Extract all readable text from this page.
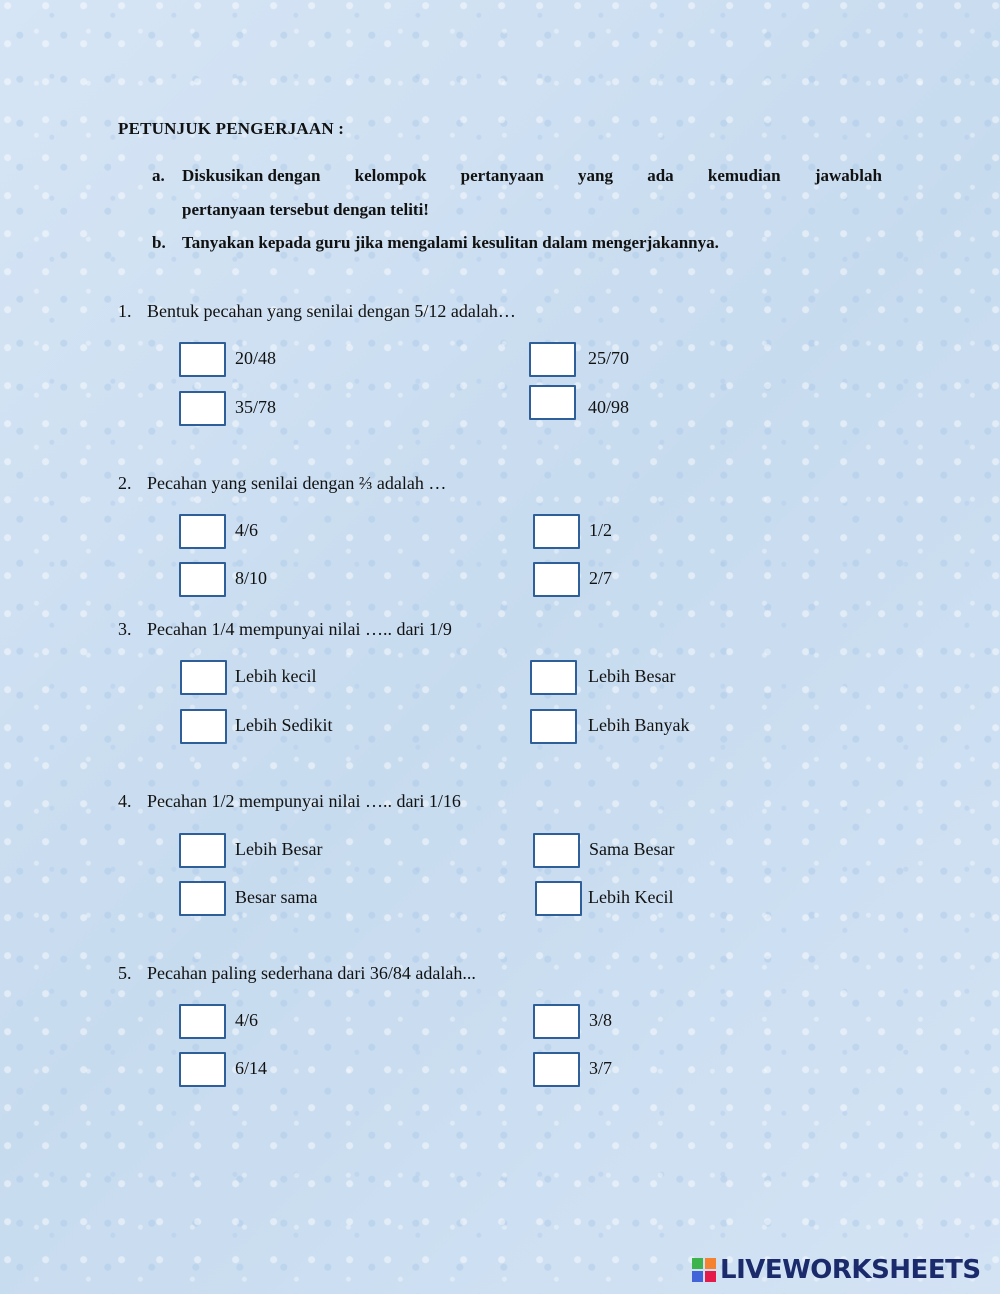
PETUNJUK PENGERJAAN :
a. Diskusikan dengan kelompok pertanyaan yang ada kemudian jawablah
pertanyaan tersebut dengan teliti!
b. Tanyakan kepada guru jika mengalami kesulitan dalam mengerjakannya.
1. Bentuk pecahan yang senilai dengan 5/12 adalah…
20/48	25/70
35/78	40/98
2. Pecahan yang senilai dengan ⅔ adalah …
4/6	1/2
8/10	2/7
3. Pecahan 1/4 mempunyai nilai ….. dari 1/9
Lebih kecil	Lebih Besar
Lebih Sedikit	Lebih Banyak
4. Pecahan 1/2 mempunyai nilai ….. dari 1/16
Lebih Besar	Sama Besar
Besar sama	Lebih Kecil
5. Pecahan paling sederhana dari 36/84 adalah...
4/6	3/8
6/14	3/7
LIVEWORKSHEETS
